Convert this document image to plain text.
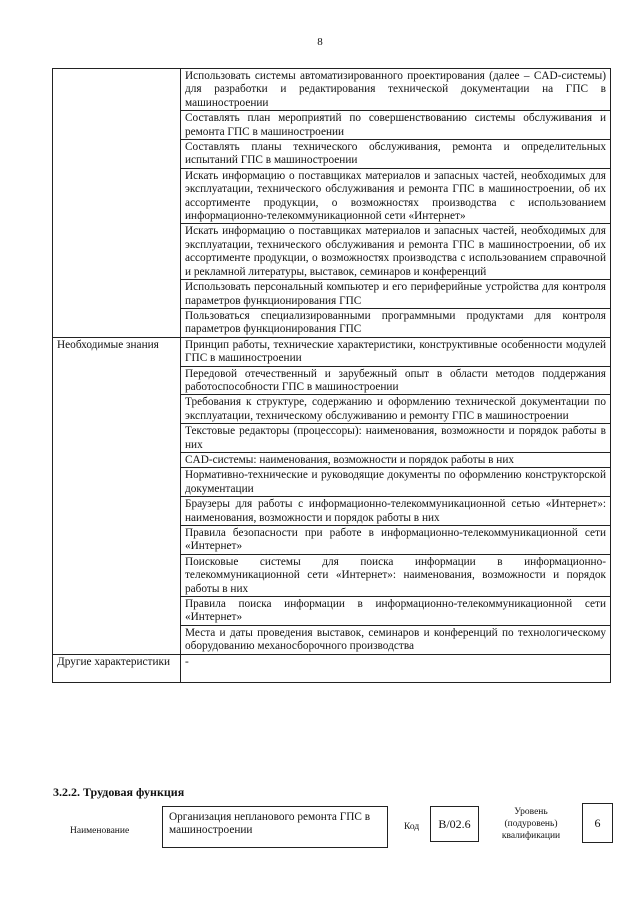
8
	Использовать системы автоматизированного проектирования (далее – CAD-системы) для разработки и редактирования технической документации на ГПС в машиностроении
	Составлять план мероприятий по совершенствованию системы обслуживания и ремонта ГПС в машиностроении
	Составлять планы технического обслуживания, ремонта и определительных испытаний ГПС в машиностроении
	Искать информацию о поставщиках материалов и запасных частей, необходимых для эксплуатации, технического обслуживания и ремонта ГПС в машиностроении, об их ассортименте продукции, о возможностях производства с использованием информационно-телекоммуникационной сети «Интернет»
	Искать информацию о поставщиках материалов и запасных частей, необходимых для эксплуатации, технического обслуживания и ремонта ГПС в машиностроении, об их ассортименте продукции, о возможностях производства с использованием справочной и рекламной литературы, выставок, семинаров и конференций
	Использовать персональный компьютер и его периферийные устройства для контроля параметров функционирования ГПС
	Пользоваться специализированными программными продуктами для контроля параметров функционирования ГПС
Необходимые знания	Принцип работы, технические характеристики, конструктивные особенности модулей ГПС в машиностроении
	Передовой отечественный и зарубежный опыт в области методов поддержания работоспособности ГПС в машиностроении
	Требования к структуре, содержанию и оформлению технической документации по эксплуатации, техническому обслуживанию и ремонту ГПС в машиностроении
	Текстовые редакторы (процессоры): наименования, возможности и порядок работы в них
	CAD-системы: наименования, возможности и порядок работы в них
	Нормативно-технические и руководящие документы по оформлению конструкторской документации
	Браузеры для работы с информационно-телекоммуникационной сетью «Интернет»: наименования, возможности и порядок работы в них
	Правила безопасности при работе в информационно-телекоммуникационной сети «Интернет»
	Поисковые системы для поиска информации в информационно-телекоммуникационной сети «Интернет»: наименования, возможности и порядок работы в них
	Правила поиска информации в информационно-телекоммуникационной сети «Интернет»
	Места и даты проведения выставок, семинаров и конференций по технологическому оборудованию механосборочного производства
Другие характеристики	-
3.2.2. Трудовая функция
Наименование
Организация непланового ремонта ГПС в машиностроении	Код	B/02.6
Уровень (подуровень) квалификации
6
